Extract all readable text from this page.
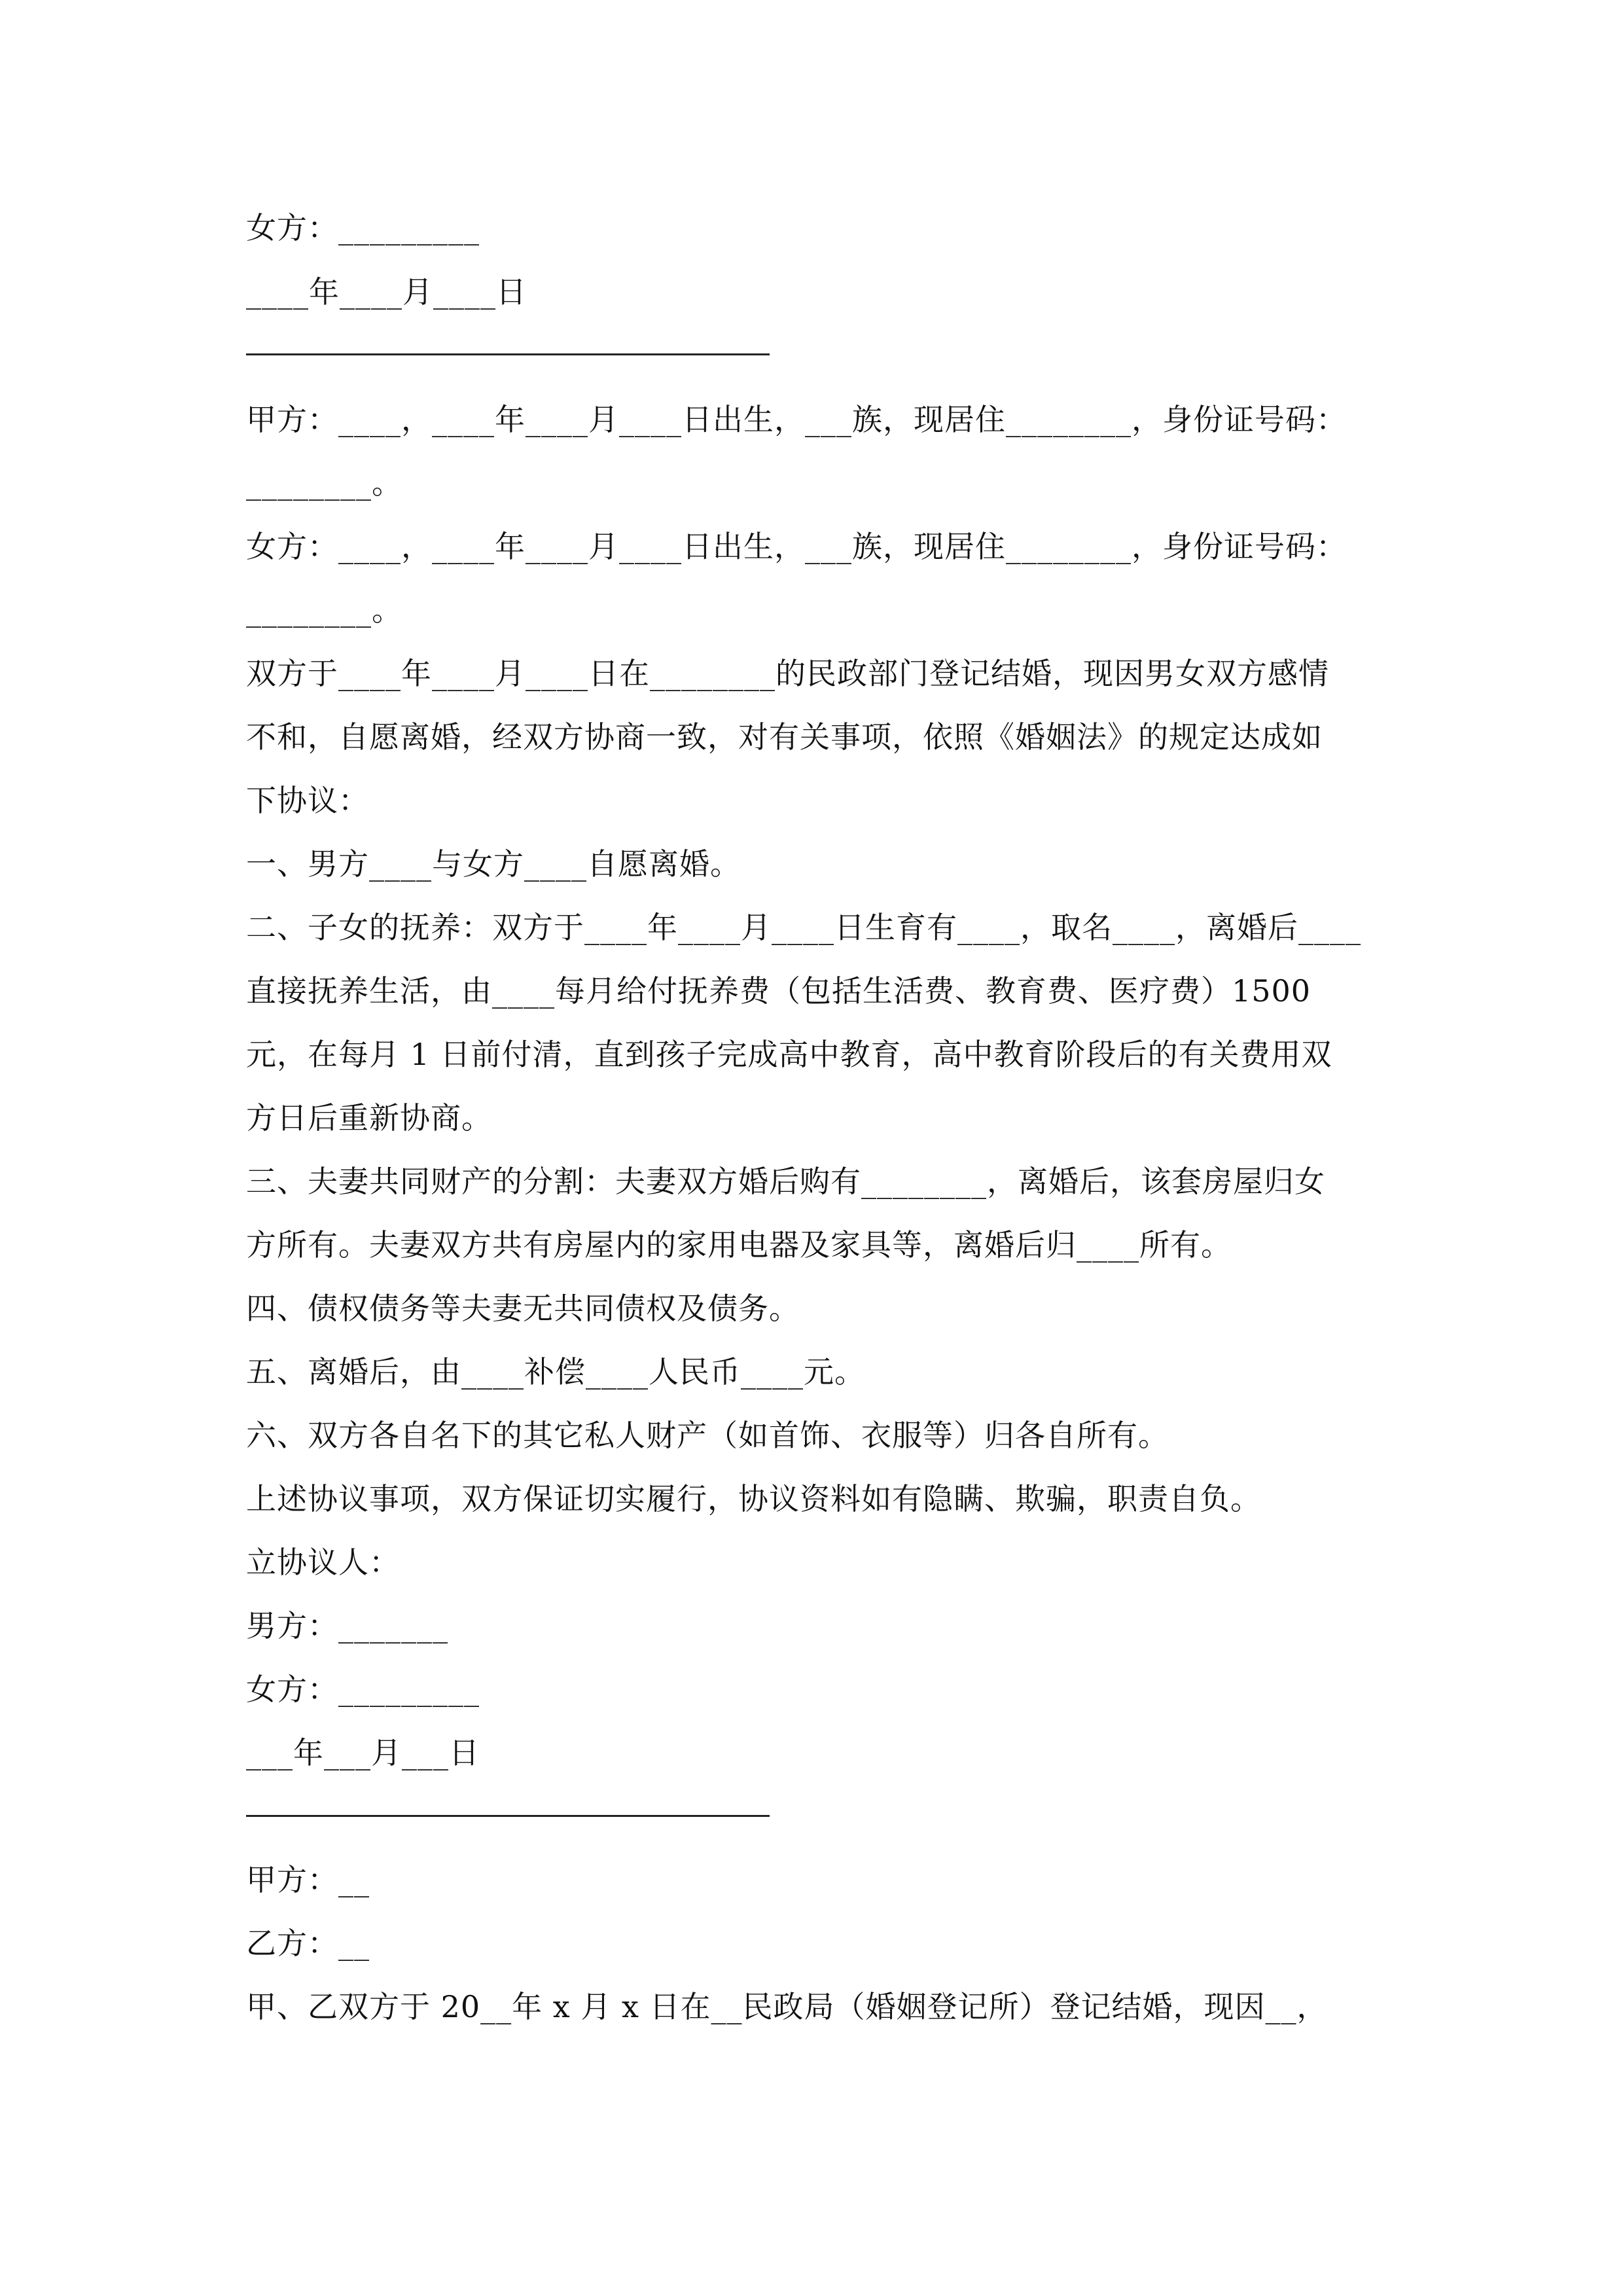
女方：_________
____年____月____日
甲方：____，____年____月____日出生，___族，现居住________，身份证号码：
________。
女方：____，____年____月____日出生，___族，现居住________，身份证号码：
________。
双方于____年____月____日在________的民政部门登记结婚，现因男女双方感情
不和，自愿离婚，经双方协商一致，对有关事项，依照《婚姻法》的规定达成如
下协议：
一、男方____与女方____自愿离婚。
二、子女的抚养：双方于____年____月____日生育有____，取名____，离婚后____
直接抚养生活，由____每月给付抚养费（包括生活费、教育费、医疗费）1500
元，在每月 1 日前付清，直到孩子完成高中教育，高中教育阶段后的有关费用双
方日后重新协商。
三、夫妻共同财产的分割：夫妻双方婚后购有________，离婚后，该套房屋归女
方所有。夫妻双方共有房屋内的家用电器及家具等，离婚后归____所有。
四、债权债务等夫妻无共同债权及债务。
五、离婚后，由____补偿____人民币____元。
六、双方各自名下的其它私人财产（如首饰、衣服等）归各自所有。
上述协议事项，双方保证切实履行，协议资料如有隐瞒、欺骗，职责自负。
立协议人：
男方：_______
女方：_________
___年___月___日
甲方：__
乙方：__
甲、乙双方于 20__年 x 月 x 日在__民政局（婚姻登记所）登记结婚，现因__，
